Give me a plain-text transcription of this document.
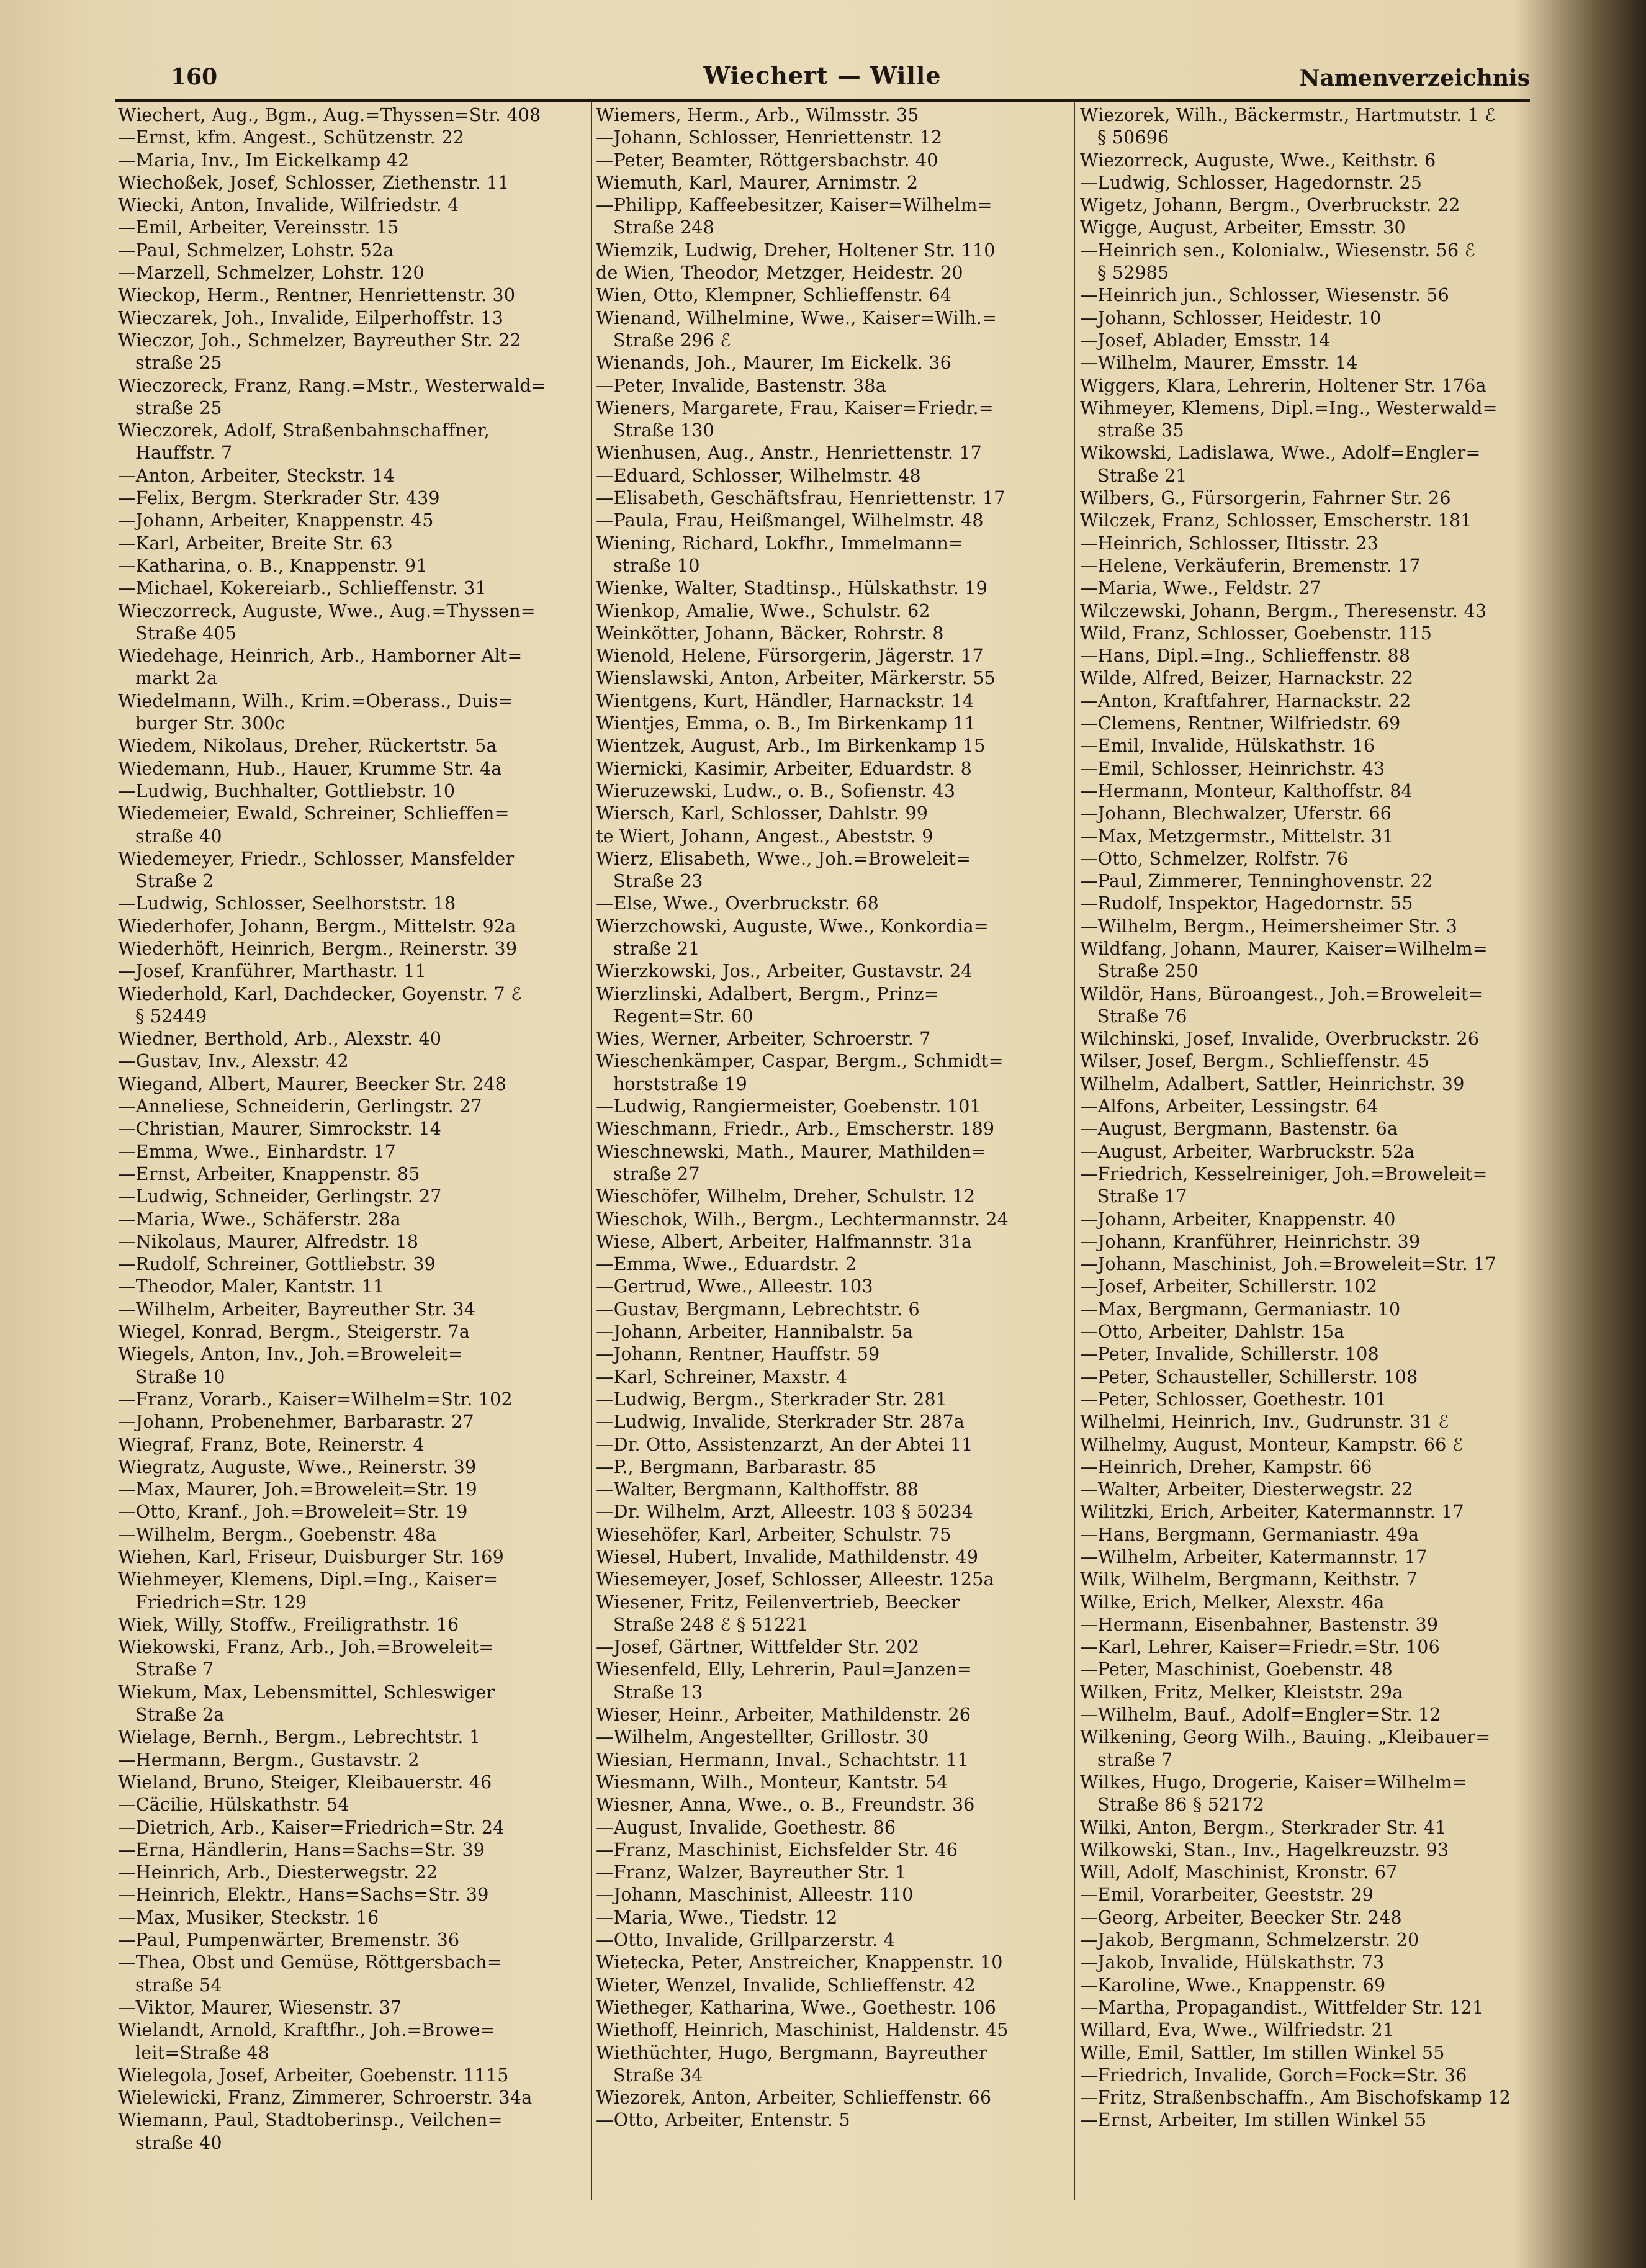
160	Wiechert — Wille	Namenverzeichnis
Wiechert, Aug., Bgm., Aug.=Thyssen=Str. 408
—Ernst, kfm. Angest., Schützenstr. 22
—Maria, Inv., Im Eickelkamp 42
Wiechoßek, Josef, Schlosser, Ziethenstr. 11
Wiecki, Anton, Invalide, Wilfriedstr. 4
—Emil, Arbeiter, Vereinsstr. 15
—Paul, Schmelzer, Lohstr. 52a
—Marzell, Schmelzer, Lohstr. 120
Wieckop, Herm., Rentner, Henriettenstr. 30
Wieczarek, Joh., Invalide, Eilperhoffstr. 13
Wieczor, Joh., Schmelzer, Bayreuther Str. 22
straße 25
Wieczoreck, Franz, Rang.=Mstr., Westerwald=
straße 25
Wieczorek, Adolf, Straßenbahnschaffner,
Hauffstr. 7
—Anton, Arbeiter, Steckstr. 14
—Felix, Bergm. Sterkrader Str. 439
—Johann, Arbeiter, Knappenstr. 45
—Karl, Arbeiter, Breite Str. 63
—Katharina, o. B., Knappenstr. 91
—Michael, Kokereiarb., Schlieffenstr. 31
Wieczorreck, Auguste, Wwe., Aug.=Thyssen=
Straße 405
Wiedehage, Heinrich, Arb., Hamborner Alt=
markt 2a
Wiedelmann, Wilh., Krim.=Oberass., Duis=
burger Str. 300c
Wiedem, Nikolaus, Dreher, Rückertstr. 5a
Wiedemann, Hub., Hauer, Krumme Str. 4a
—Ludwig, Buchhalter, Gottliebstr. 10
Wiedemeier, Ewald, Schreiner, Schlieffen=
straße 40
Wiedemeyer, Friedr., Schlosser, Mansfelder
Straße 2
—Ludwig, Schlosser, Seelhorststr. 18
Wiederhofer, Johann, Bergm., Mittelstr. 92a
Wiederhöft, Heinrich, Bergm., Reinerstr. 39
—Josef, Kranführer, Marthastr. 11
Wiederhold, Karl, Dachdecker, Goyenstr. 7 ℰ
§ 52449
Wiedner, Berthold, Arb., Alexstr. 40
—Gustav, Inv., Alexstr. 42
Wiegand, Albert, Maurer, Beecker Str. 248
—Anneliese, Schneiderin, Gerlingstr. 27
—Christian, Maurer, Simrockstr. 14
—Emma, Wwe., Einhardstr. 17
—Ernst, Arbeiter, Knappenstr. 85
—Ludwig, Schneider, Gerlingstr. 27
—Maria, Wwe., Schäferstr. 28a
—Nikolaus, Maurer, Alfredstr. 18
—Rudolf, Schreiner, Gottliebstr. 39
—Theodor, Maler, Kantstr. 11
—Wilhelm, Arbeiter, Bayreuther Str. 34
Wiegel, Konrad, Bergm., Steigerstr. 7a
Wiegels, Anton, Inv., Joh.=Broweleit=
Straße 10
—Franz, Vorarb., Kaiser=Wilhelm=Str. 102
—Johann, Probenehmer, Barbarastr. 27
Wiegraf, Franz, Bote, Reinerstr. 4
Wiegratz, Auguste, Wwe., Reinerstr. 39
—Max, Maurer, Joh.=Broweleit=Str. 19
—Otto, Kranf., Joh.=Broweleit=Str. 19
—Wilhelm, Bergm., Goebenstr. 48a
Wiehen, Karl, Friseur, Duisburger Str. 169
Wiehmeyer, Klemens, Dipl.=Ing., Kaiser=
Friedrich=Str. 129
Wiek, Willy, Stoffw., Freiligrathstr. 16
Wiekowski, Franz, Arb., Joh.=Broweleit=
Straße 7
Wiekum, Max, Lebensmittel, Schleswiger
Straße 2a
Wielage, Bernh., Bergm., Lebrechtstr. 1
—Hermann, Bergm., Gustavstr. 2
Wieland, Bruno, Steiger, Kleibauerstr. 46
—Cäcilie, Hülskathstr. 54
—Dietrich, Arb., Kaiser=Friedrich=Str. 24
—Erna, Händlerin, Hans=Sachs=Str. 39
—Heinrich, Arb., Diesterwegstr. 22
—Heinrich, Elektr., Hans=Sachs=Str. 39
—Max, Musiker, Steckstr. 16
—Paul, Pumpenwärter, Bremenstr. 36
—Thea, Obst und Gemüse, Röttgersbach=
straße 54
—Viktor, Maurer, Wiesenstr. 37
Wielandt, Arnold, Kraftfhr., Joh.=Browe=
leit=Straße 48
Wielegola, Josef, Arbeiter, Goebenstr. 1115
Wielewicki, Franz, Zimmerer, Schroerstr. 34a
Wiemann, Paul, Stadtoberinsp., Veilchen=
straße 40
Wiemers, Herm., Arb., Wilmsstr. 35
—Johann, Schlosser, Henriettenstr. 12
—Peter, Beamter, Röttgersbachstr. 40
Wiemuth, Karl, Maurer, Arnimstr. 2
—Philipp, Kaffeebesitzer, Kaiser=Wilhelm=
Straße 248
Wiemzik, Ludwig, Dreher, Holtener Str. 110
de Wien, Theodor, Metzger, Heidestr. 20
Wien, Otto, Klempner, Schlieffenstr. 64
Wienand, Wilhelmine, Wwe., Kaiser=Wilh.=
Straße 296 ℰ
Wienands, Joh., Maurer, Im Eickelk. 36
—Peter, Invalide, Bastenstr. 38a
Wieners, Margarete, Frau, Kaiser=Friedr.=
Straße 130
Wienhusen, Aug., Anstr., Henriettenstr. 17
—Eduard, Schlosser, Wilhelmstr. 48
—Elisabeth, Geschäftsfrau, Henriettenstr. 17
—Paula, Frau, Heißmangel, Wilhelmstr. 48
Wiening, Richard, Lokfhr., Immelmann=
straße 10
Wienke, Walter, Stadtinsp., Hülskathstr. 19
Wienkop, Amalie, Wwe., Schulstr. 62
Weinkötter, Johann, Bäcker, Rohrstr. 8
Wienold, Helene, Fürsorgerin, Jägerstr. 17
Wienslawski, Anton, Arbeiter, Märkerstr. 55
Wientgens, Kurt, Händler, Harnackstr. 14
Wientjes, Emma, o. B., Im Birkenkamp 11
Wientzek, August, Arb., Im Birkenkamp 15
Wiernicki, Kasimir, Arbeiter, Eduardstr. 8
Wieruzewski, Ludw., o. B., Sofienstr. 43
Wiersch, Karl, Schlosser, Dahlstr. 99
te Wiert, Johann, Angest., Abeststr. 9
Wierz, Elisabeth, Wwe., Joh.=Broweleit=
Straße 23
—Else, Wwe., Overbruckstr. 68
Wierzchowski, Auguste, Wwe., Konkordia=
straße 21
Wierzkowski, Jos., Arbeiter, Gustavstr. 24
Wierzlinski, Adalbert, Bergm., Prinz=
Regent=Str. 60
Wies, Werner, Arbeiter, Schroerstr. 7
Wieschenkämper, Caspar, Bergm., Schmidt=
horststraße 19
—Ludwig, Rangiermeister, Goebenstr. 101
Wieschmann, Friedr., Arb., Emscherstr. 189
Wieschnewski, Math., Maurer, Mathilden=
straße 27
Wieschöfer, Wilhelm, Dreher, Schulstr. 12
Wieschok, Wilh., Bergm., Lechtermannstr. 24
Wiese, Albert, Arbeiter, Halfmannstr. 31a
—Emma, Wwe., Eduardstr. 2
—Gertrud, Wwe., Alleestr. 103
—Gustav, Bergmann, Lebrechtstr. 6
—Johann, Arbeiter, Hannibalstr. 5a
—Johann, Rentner, Hauffstr. 59
—Karl, Schreiner, Maxstr. 4
—Ludwig, Bergm., Sterkrader Str. 281
—Ludwig, Invalide, Sterkrader Str. 287a
—Dr. Otto, Assistenzarzt, An der Abtei 11
—P., Bergmann, Barbarastr. 85
—Walter, Bergmann, Kalthoffstr. 88
—Dr. Wilhelm, Arzt, Alleestr. 103 § 50234
Wiesehöfer, Karl, Arbeiter, Schulstr. 75
Wiesel, Hubert, Invalide, Mathildenstr. 49
Wiesemeyer, Josef, Schlosser, Alleestr. 125a
Wiesener, Fritz, Feilenvertrieb, Beecker
Straße 248 ℰ § 51221
—Josef, Gärtner, Wittfelder Str. 202
Wiesenfeld, Elly, Lehrerin, Paul=Janzen=
Straße 13
Wieser, Heinr., Arbeiter, Mathildenstr. 26
—Wilhelm, Angestellter, Grillostr. 30
Wiesian, Hermann, Inval., Schachtstr. 11
Wiesmann, Wilh., Monteur, Kantstr. 54
Wiesner, Anna, Wwe., o. B., Freundstr. 36
—August, Invalide, Goethestr. 86
—Franz, Maschinist, Eichsfelder Str. 46
—Franz, Walzer, Bayreuther Str. 1
—Johann, Maschinist, Alleestr. 110
—Maria, Wwe., Tiedstr. 12
—Otto, Invalide, Grillparzerstr. 4
Wietecka, Peter, Anstreicher, Knappenstr. 10
Wieter, Wenzel, Invalide, Schlieffenstr. 42
Wietheger, Katharina, Wwe., Goethestr. 106
Wiethoff, Heinrich, Maschinist, Haldenstr. 45
Wiethüchter, Hugo, Bergmann, Bayreuther
Straße 34
Wiezorek, Anton, Arbeiter, Schlieffenstr. 66
—Otto, Arbeiter, Entenstr. 5
Wiezorek, Wilh., Bäckermstr., Hartmutstr. 1 ℰ
§ 50696
Wiezorreck, Auguste, Wwe., Keithstr. 6
—Ludwig, Schlosser, Hagedornstr. 25
Wigetz, Johann, Bergm., Overbruckstr. 22
Wigge, August, Arbeiter, Emsstr. 30
—Heinrich sen., Kolonialw., Wiesenstr. 56 ℰ
§ 52985
—Heinrich jun., Schlosser, Wiesenstr. 56
—Johann, Schlosser, Heidestr. 10
—Josef, Ablader, Emsstr. 14
—Wilhelm, Maurer, Emsstr. 14
Wiggers, Klara, Lehrerin, Holtener Str. 176a
Wihmeyer, Klemens, Dipl.=Ing., Westerwald=
straße 35
Wikowski, Ladislawa, Wwe., Adolf=Engler=
Straße 21
Wilbers, G., Fürsorgerin, Fahrner Str. 26
Wilczek, Franz, Schlosser, Emscherstr. 181
—Heinrich, Schlosser, Iltisstr. 23
—Helene, Verkäuferin, Bremenstr. 17
—Maria, Wwe., Feldstr. 27
Wilczewski, Johann, Bergm., Theresenstr. 43
Wild, Franz, Schlosser, Goebenstr. 115
—Hans, Dipl.=Ing., Schlieffenstr. 88
Wilde, Alfred, Beizer, Harnackstr. 22
—Anton, Kraftfahrer, Harnackstr. 22
—Clemens, Rentner, Wilfriedstr. 69
—Emil, Invalide, Hülskathstr. 16
—Emil, Schlosser, Heinrichstr. 43
—Hermann, Monteur, Kalthoffstr. 84
—Johann, Blechwalzer, Uferstr. 66
—Max, Metzgermstr., Mittelstr. 31
—Otto, Schmelzer, Rolfstr. 76
—Paul, Zimmerer, Tenninghovenstr. 22
—Rudolf, Inspektor, Hagedornstr. 55
—Wilhelm, Bergm., Heimersheimer Str. 3
Wildfang, Johann, Maurer, Kaiser=Wilhelm=
Straße 250
Wildör, Hans, Büroangest., Joh.=Broweleit=
Straße 76
Wilchinski, Josef, Invalide, Overbruckstr. 26
Wilser, Josef, Bergm., Schlieffenstr. 45
Wilhelm, Adalbert, Sattler, Heinrichstr. 39
—Alfons, Arbeiter, Lessingstr. 64
—August, Bergmann, Bastenstr. 6a
—August, Arbeiter, Warbruckstr. 52a
—Friedrich, Kesselreiniger, Joh.=Broweleit=
Straße 17
—Johann, Arbeiter, Knappenstr. 40
—Johann, Kranführer, Heinrichstr. 39
—Johann, Maschinist, Joh.=Broweleit=Str. 17
—Josef, Arbeiter, Schillerstr. 102
—Max, Bergmann, Germaniastr. 10
—Otto, Arbeiter, Dahlstr. 15a
—Peter, Invalide, Schillerstr. 108
—Peter, Schausteller, Schillerstr. 108
—Peter, Schlosser, Goethestr. 101
Wilhelmi, Heinrich, Inv., Gudrunstr. 31 ℰ
Wilhelmy, August, Monteur, Kampstr. 66 ℰ
—Heinrich, Dreher, Kampstr. 66
—Walter, Arbeiter, Diesterwegstr. 22
Wilitzki, Erich, Arbeiter, Katermannstr. 17
—Hans, Bergmann, Germaniastr. 49a
—Wilhelm, Arbeiter, Katermannstr. 17
Wilk, Wilhelm, Bergmann, Keithstr. 7
Wilke, Erich, Melker, Alexstr. 46a
—Hermann, Eisenbahner, Bastenstr. 39
—Karl, Lehrer, Kaiser=Friedr.=Str. 106
—Peter, Maschinist, Goebenstr. 48
Wilken, Fritz, Melker, Kleiststr. 29a
—Wilhelm, Bauf., Adolf=Engler=Str. 12
Wilkening, Georg Wilh., Bauing. „Kleibauer=
straße 7
Wilkes, Hugo, Drogerie, Kaiser=Wilhelm=
Straße 86 § 52172
Wilki, Anton, Bergm., Sterkrader Str. 41
Wilkowski, Stan., Inv., Hagelkreuzstr. 93
Will, Adolf, Maschinist, Kronstr. 67
—Emil, Vorarbeiter, Geeststr. 29
—Georg, Arbeiter, Beecker Str. 248
—Jakob, Bergmann, Schmelzerstr. 20
—Jakob, Invalide, Hülskathstr. 73
—Karoline, Wwe., Knappenstr. 69
—Martha, Propagandist., Wittfelder Str. 121
Willard, Eva, Wwe., Wilfriedstr. 21
Wille, Emil, Sattler, Im stillen Winkel 55
—Friedrich, Invalide, Gorch=Fock=Str. 36
—Fritz, Straßenbschaffn., Am Bischofskamp 12
—Ernst, Arbeiter, Im stillen Winkel 55
